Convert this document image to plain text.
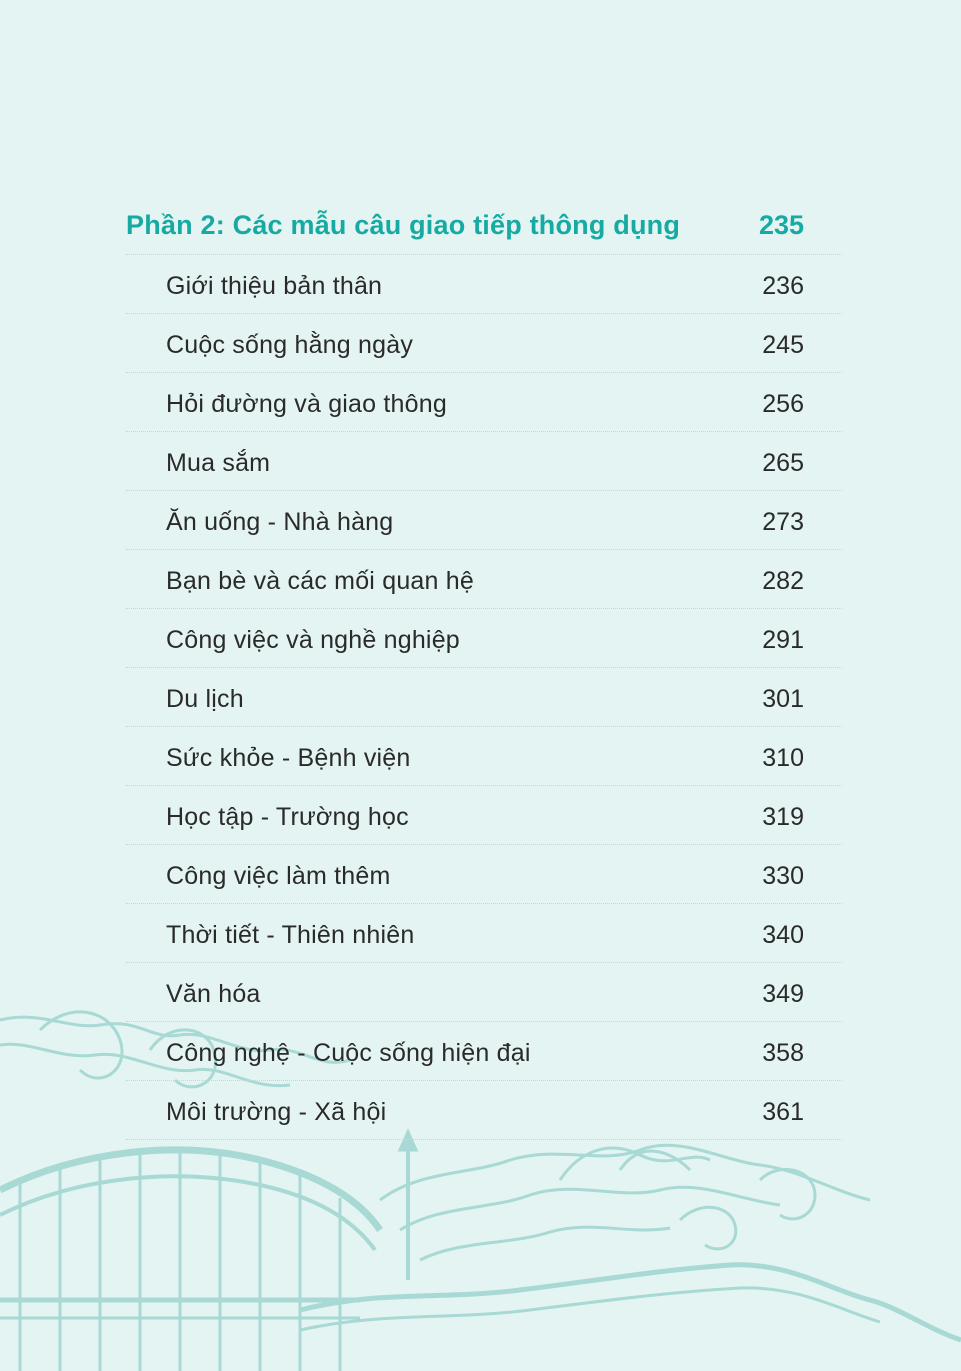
Phần 2: Các mẫu câu giao tiếp thông dụng	235
Giới thiệu bản thân	236
Cuộc sống hằng ngày	245
Hỏi đường và giao thông	256
Mua sắm	265
Ăn uống - Nhà hàng	273
Bạn bè và các mối quan hệ	282
Công việc và nghề nghiệp	291
Du lịch	301
Sức khỏe - Bệnh viện	310
Học tập - Trường học	319
Công việc làm thêm	330
Thời tiết - Thiên nhiên	340
Văn hóa	349
Công nghệ - Cuộc sống hiện đại	358
Môi trường - Xã hội	361
